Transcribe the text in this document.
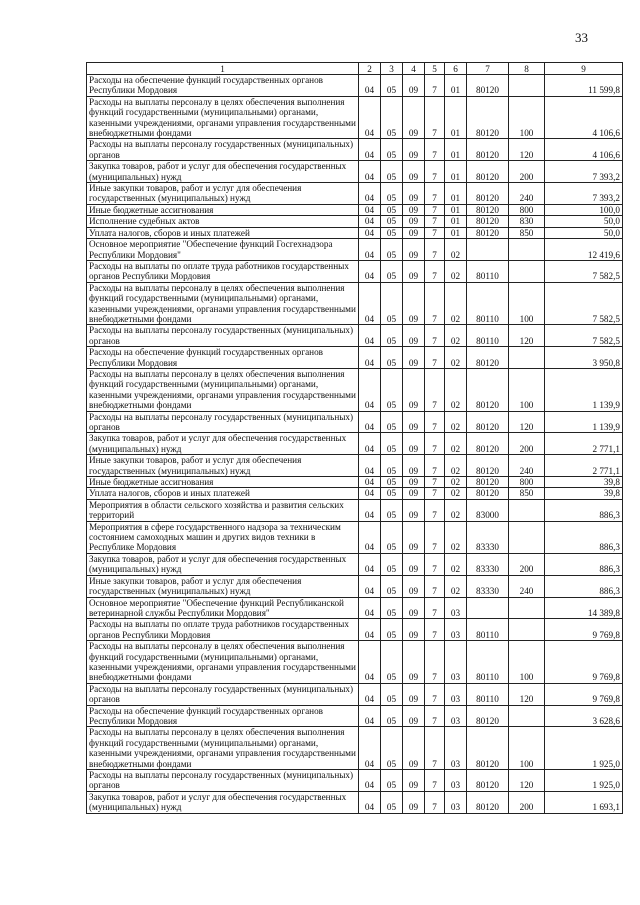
33
1	2	3	4	5	6	7	8	9
Расходы на обеспечение функций государственных органов Республики Мордовия	04	05	09	7	01	80120		11 599,8
Расходы на выплаты персоналу в целях обеспечения выполнения функций государственными (муниципальными) органами, казенными учреждениями, органами управления государственными внебюджетными фондами	04	05	09	7	01	80120	100	4 106,6
Расходы на выплаты персоналу государственных (муниципальных) органов	04	05	09	7	01	80120	120	4 106,6
Закупка товаров, работ и услуг для обеспечения государственных (муниципальных) нужд	04	05	09	7	01	80120	200	7 393,2
Иные закупки товаров, работ и услуг для обеспечения государственных (муниципальных) нужд	04	05	09	7	01	80120	240	7 393,2
Иные бюджетные ассигнования	04	05	09	7	01	80120	800	100,0
Исполнение судебных актов	04	05	09	7	01	80120	830	50,0
Уплата налогов, сборов и иных платежей	04	05	09	7	01	80120	850	50,0
Основное мероприятие "Обеспечение функций Госгехнадзора Республики Мордовия"	04	05	09	7	02			12 419,6
Расходы на выплаты по оплате труда работников государственных органов Республики Мордовия	04	05	09	7	02	80110		7 582,5
Расходы на выплаты персоналу в целях обеспечения выполнения функций государственными (муниципальными) органами, казенными учреждениями, органами управления государственными внебюджетными фондами	04	05	09	7	02	80110	100	7 582,5
Расходы на выплаты персоналу государственных (муниципальных) органов	04	05	09	7	02	80110	120	7 582,5
Расходы на обеспечение функций государственных органов Республики Мордовия	04	05	09	7	02	80120		3 950,8
Расходы на выплаты персоналу в целях обеспечения выполнения функций государственными (муниципальными) органами, казенными учреждениями, органами управления государственными внебюджетными фондами	04	05	09	7	02	80120	100	1 139,9
Расходы на выплаты персоналу государственных (муниципальных) органов	04	05	09	7	02	80120	120	1 139,9
Закупка товаров, работ и услуг для обеспечения государственных (муниципальных) нужд	04	05	09	7	02	80120	200	2 771,1
Иные закупки товаров, работ и услуг для обеспечения государственных (муниципальных) нужд	04	05	09	7	02	80120	240	2 771,1
Иные бюджетные ассигнования	04	05	09	7	02	80120	800	39,8
Уплата налогов, сборов и иных платежей	04	05	09	7	02	80120	850	39,8
Мероприятия в области сельского хозяйства и развития сельских территорий	04	05	09	7	02	83000		886,3
Мероприятия в сфере государственного надзора за техническим состоянием самоходных машин и других видов техники в Республике Мордовия	04	05	09	7	02	83330		886,3
Закупка товаров, работ и услуг для обеспечения государственных (муниципальных) нужд	04	05	09	7	02	83330	200	886,3
Иные закупки товаров, работ и услуг для обеспечения государственных (муниципальных) нужд	04	05	09	7	02	83330	240	886,3
Основное мероприятие "Обеспечение функций Республиканской ветеринарной службы Республики Мордовия"	04	05	09	7	03			14 389,8
Расходы на выплаты по оплате труда работников государственных органов Республики Мордовия	04	05	09	7	03	80110		9 769,8
Расходы на выплаты персоналу в целях обеспечения выполнения функций государственными (муниципальными) органами, казенными учреждениями, органами управления государственными внебюджетными фондами	04	05	09	7	03	80110	100	9 769,8
Расходы на выплаты персоналу государственных (муниципальных) органов	04	05	09	7	03	80110	120	9 769,8
Расходы на обеспечение функций государственных органов Республики Мордовия	04	05	09	7	03	80120		3 628,6
Расходы на выплаты персоналу в целях обеспечения выполнения функций государственными (муниципальными) органами, казенными учреждениями, органами управления государственными внебюджетными фондами	04	05	09	7	03	80120	100	1 925,0
Расходы на выплаты персоналу государственных (муниципальных) органов	04	05	09	7	03	80120	120	1 925,0
Закупка товаров, работ и услуг для обеспечения государственных (муниципальных) нужд	04	05	09	7	03	80120	200	1 693,1
